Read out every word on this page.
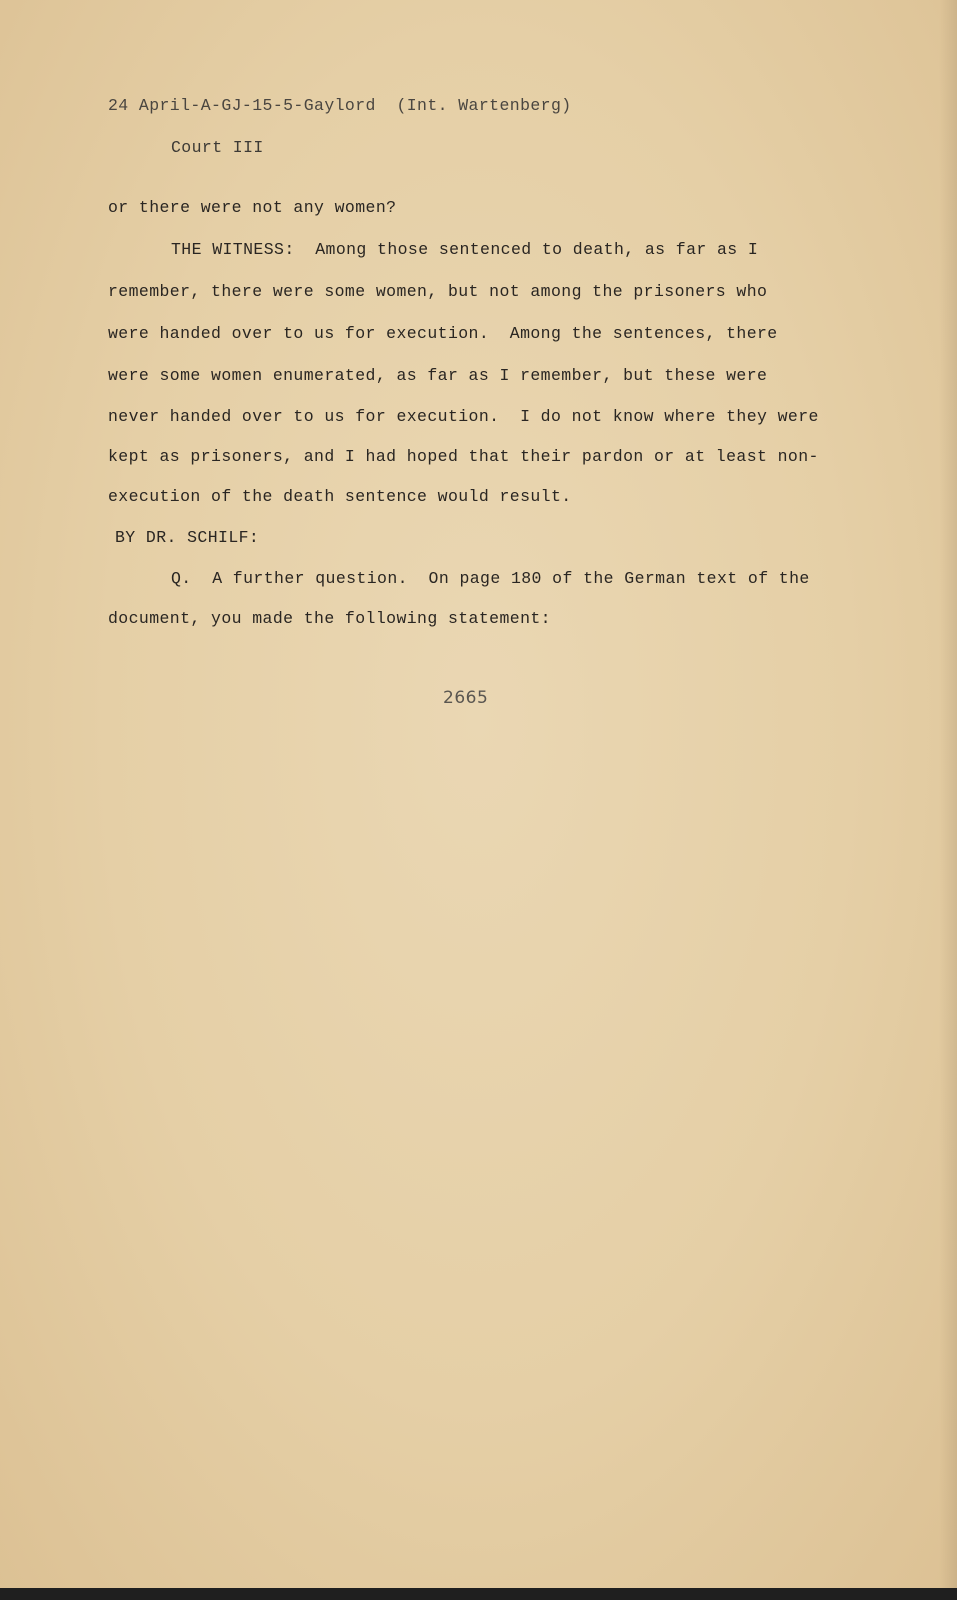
24 April-A-GJ-15-5-Gaylord  (Int. Wartenberg)
Court III
or there were not any women?
THE WITNESS:  Among those sentenced to death, as far as I
remember, there were some women, but not among the prisoners who
were handed over to us for execution.  Among the sentences, there
were some women enumerated, as far as I remember, but these were
never handed over to us for execution.  I do not know where they were
kept as prisoners, and I had hoped that their pardon or at least non-
execution of the death sentence would result.
BY DR. SCHILF:
Q.  A further question.  On page 180 of the German text of the
document, you made the following statement:
2665
